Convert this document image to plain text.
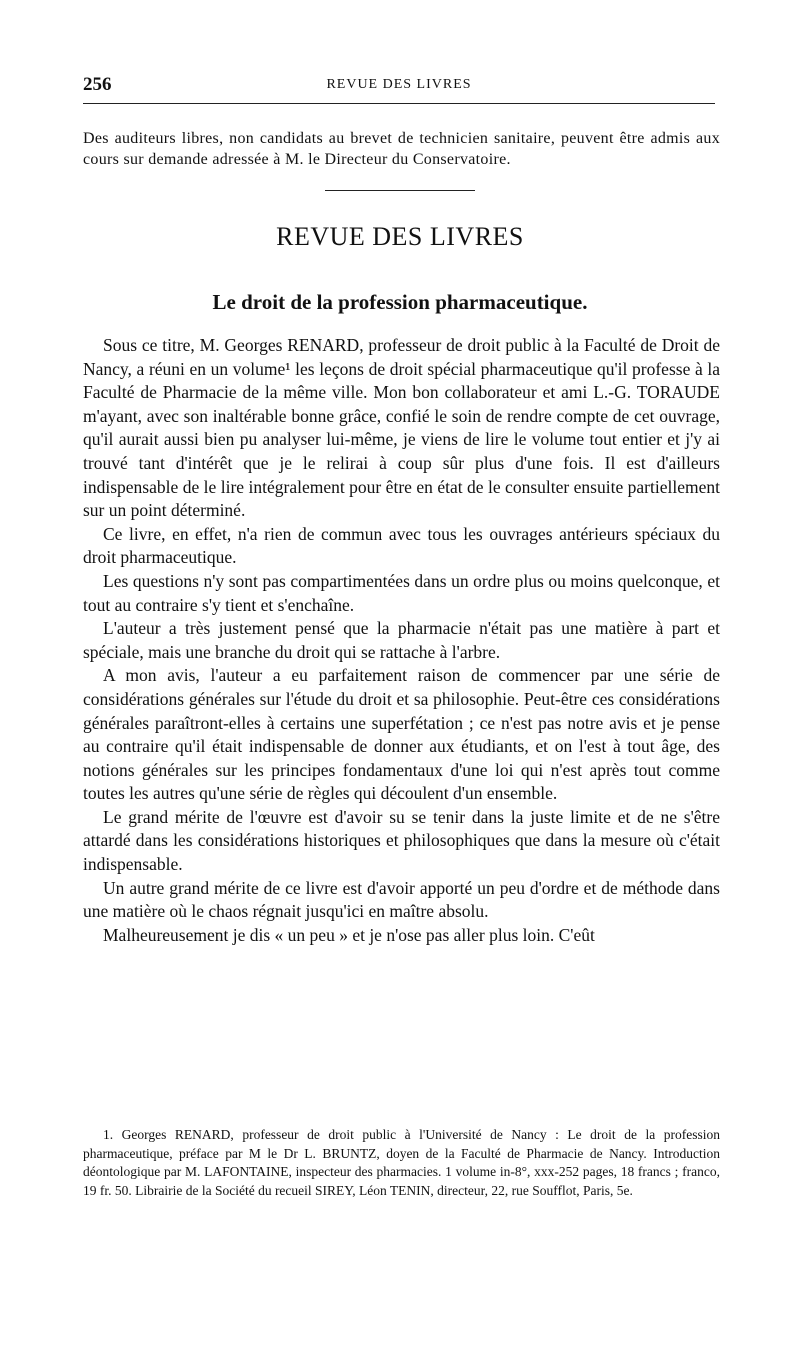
256	REVUE DES LIVRES
Des auditeurs libres, non candidats au brevet de technicien sanitaire, peuvent être admis aux cours sur demande adressée à M. le Directeur du Conservatoire.
REVUE DES LIVRES
Le droit de la profession pharmaceutique.

Sous ce titre, M. Georges RENARD, professeur de droit public à la Faculté de Droit de Nancy, a réuni en un volume¹ les leçons de droit spécial pharmaceutique qu'il professe à la Faculté de Pharmacie de la même ville. Mon bon collaborateur et ami L.-G. TORAUDE m'ayant, avec son inaltérable bonne grâce, confié le soin de rendre compte de cet ouvrage, qu'il aurait aussi bien pu analyser lui-même, je viens de lire le volume tout entier et j'y ai trouvé tant d'intérêt que je le relirai à coup sûr plus d'une fois. Il est d'ailleurs indispensable de le lire intégralement pour être en état de le consulter ensuite partiellement sur un point déterminé.

Ce livre, en effet, n'a rien de commun avec tous les ouvrages antérieurs spéciaux du droit pharmaceutique.

Les questions n'y sont pas compartimentées dans un ordre plus ou moins quelconque, et tout au contraire s'y tient et s'enchaîne.

L'auteur a très justement pensé que la pharmacie n'était pas une matière à part et spéciale, mais une branche du droit qui se rattache à l'arbre.

A mon avis, l'auteur a eu parfaitement raison de commencer par une série de considérations générales sur l'étude du droit et sa philosophie. Peut-être ces considérations générales paraîtront-elles à certains une superfétation ; ce n'est pas notre avis et je pense au contraire qu'il était indispensable de donner aux étudiants, et on l'est à tout âge, des notions générales sur les principes fondamentaux d'une loi qui n'est après tout comme toutes les autres qu'une série de règles qui découlent d'un ensemble.

Le grand mérite de l'œuvre est d'avoir su se tenir dans la juste limite et de ne s'être attardé dans les considérations historiques et philosophiques que dans la mesure où c'était indispensable.

Un autre grand mérite de ce livre est d'avoir apporté un peu d'ordre et de méthode dans une matière où le chaos régnait jusqu'ici en maître absolu.

Malheureusement je dis « un peu » et je n'ose pas aller plus loin. C'eût

1. Georges RENARD, professeur de droit public à l'Université de Nancy : Le droit de la profession pharmaceutique, préface par M le Dr L. BRUNTZ, doyen de la Faculté de Pharmacie de Nancy. Introduction déontologique par M. LAFONTAINE, inspecteur des pharmacies. 1 volume in-8°, xxx-252 pages, 18 francs ; franco, 19 fr. 50. Librairie de la Société du recueil SIREY, Léon TENIN, directeur, 22, rue Soufflot, Paris, 5e.
